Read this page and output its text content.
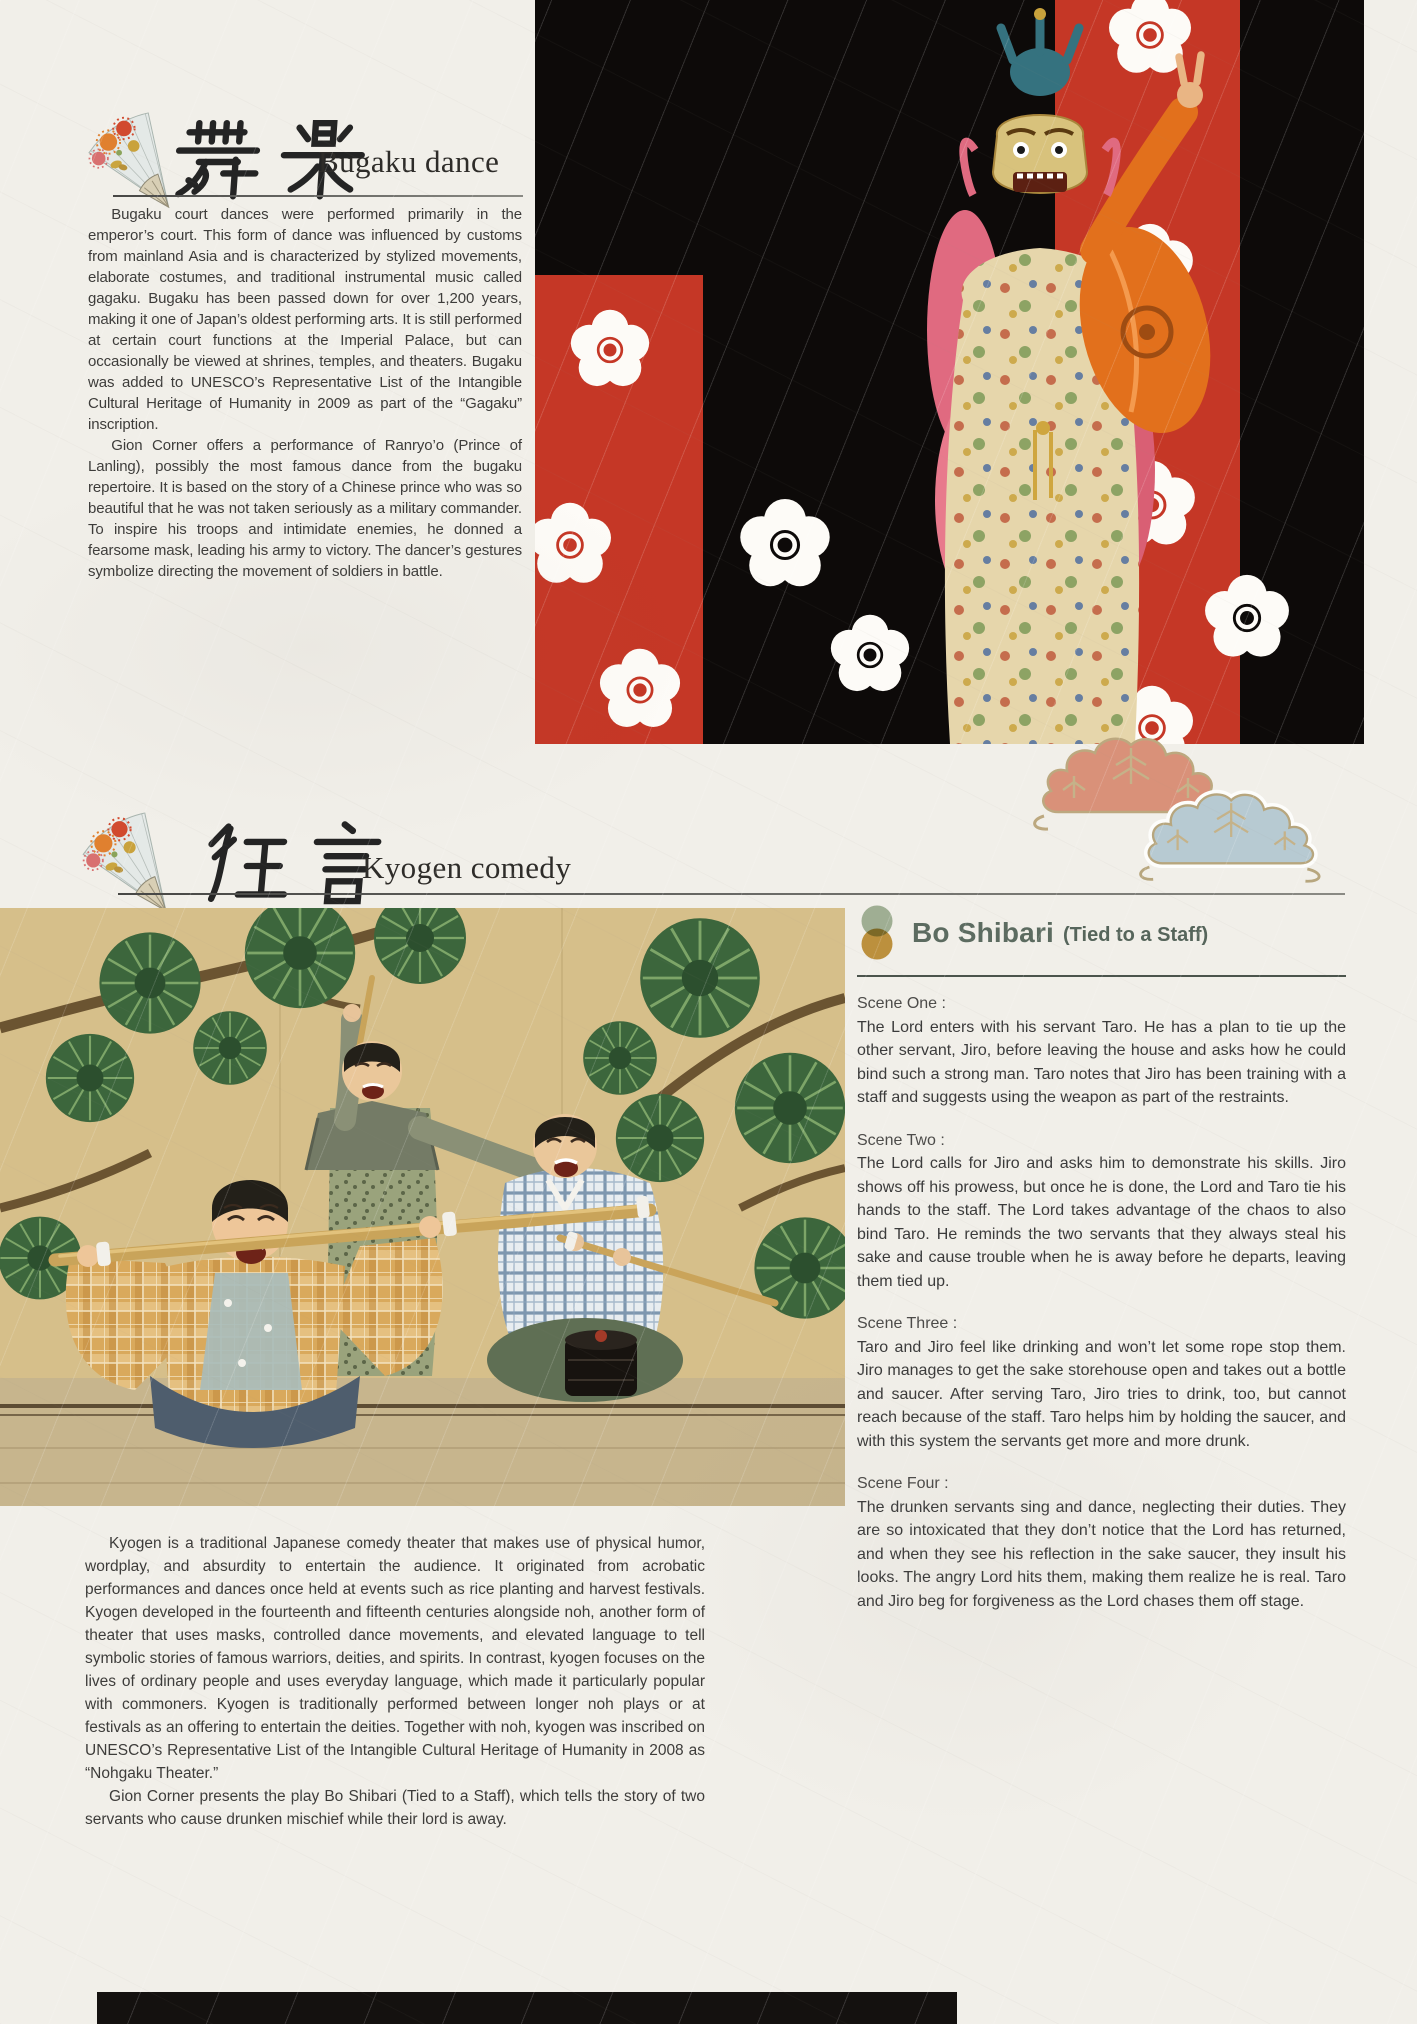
Bugaku dance

Bugaku court dances were performed primarily in the emperor’s court. This form of dance was influenced by customs from mainland Asia and is characterized by stylized movements, elaborate costumes, and traditional instrumental music called gagaku. Bugaku has been passed down for over 1,200 years, making it one of Japan’s oldest performing arts. It is still performed at certain court functions at the Imperial Palace, but can occasionally be viewed at shrines, temples, and theaters. Bugaku was added to UNESCO’s Representative List of the Intangible Cultural Heritage of Humanity in 2009 as part of the “Gagaku” inscription.

Gion Corner offers a performance of Ranryo’o (Prince of Lanling), possibly the most famous dance from the bugaku repertoire. It is based on the story of a Chinese prince who was so beautiful that he was not taken seriously as a military commander. To inspire his troops and intimidate enemies, he donned a fearsome mask, leading his army to victory. The dancer’s gestures symbolize directing the movement of soldiers in battle.

Kyogen comedy
Bo Shibari (Tied to a Staff)
Scene One :

The Lord enters with his servant Taro. He has a plan to tie up the other servant, Jiro, before leaving the house and asks how he could bind such a strong man. Taro notes that Jiro has been training with a staff and suggests using the weapon as part of the restraints.

Scene Two :

The Lord calls for Jiro and asks him to demonstrate his skills. Jiro shows off his prowess, but once he is done, the Lord and Taro tie his hands to the staff. The Lord takes advantage of the chaos to also bind Taro. He reminds the two servants that they always steal his sake and cause trouble when he is away before he departs, leaving them tied up.

Scene Three :

Taro and Jiro feel like drinking and won’t let some rope stop them. Jiro manages to get the sake storehouse open and takes out a bottle and saucer. After serving Taro, Jiro tries to drink, too, but cannot reach because of the staff. Taro helps him by holding the saucer, and with this system the servants get more and more drunk.

Scene Four :

The drunken servants sing and dance, neglecting their duties. They are so intoxicated that they don’t notice that the Lord has returned, and when they see his reflection in the sake saucer, they insult his looks. The angry Lord hits them, making them realize he is real. Taro and Jiro beg for forgiveness as the Lord chases them off stage.

Kyogen is a traditional Japanese comedy theater that makes use of physical humor, wordplay, and absurdity to entertain the audience. It originated from acrobatic performances and dances once held at events such as rice planting and harvest festivals. Kyogen developed in the fourteenth and fifteenth centuries alongside noh, another form of theater that uses masks, controlled dance movements, and elevated language to tell symbolic stories of famous warriors, deities, and spirits. In contrast, kyogen focuses on the lives of ordinary people and uses everyday language, which made it particularly popular with commoners. Kyogen is traditionally performed between longer noh plays or at festivals as an offering to entertain the deities. Together with noh, kyogen was inscribed on UNESCO’s Representative List of the Intangible Cultural Heritage of Humanity in 2008 as “Nohgaku Theater.”

Gion Corner presents the play Bo Shibari (Tied to a Staff), which tells the story of two servants who cause drunken mischief while their lord is away.
